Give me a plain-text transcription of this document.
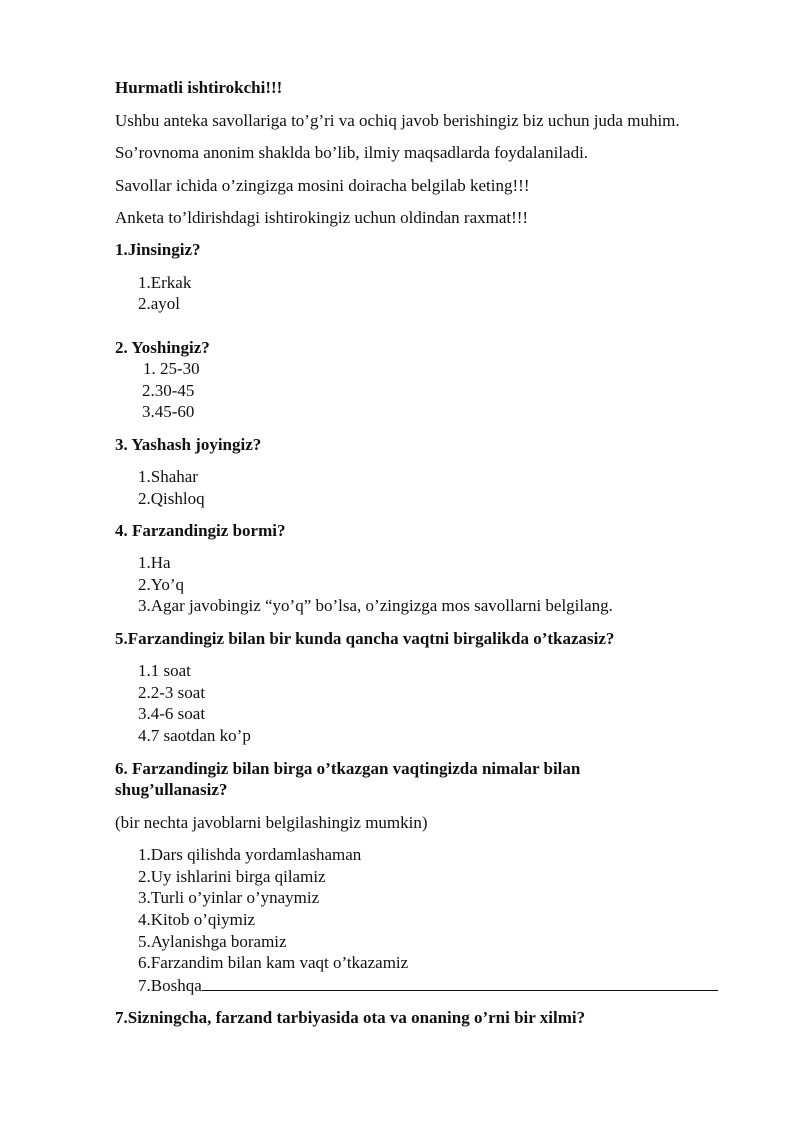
Hurmatli ishtirokchi!!!
Ushbu anteka savollariga to’g’ri va ochiq javob berishingiz biz uchun juda muhim.
So’rovnoma anonim shaklda bo’lib, ilmiy maqsadlarda foydalaniladi.
Savollar ichida o’zingizga mosini doiracha belgilab keting!!!
Anketa to’ldirishdagi ishtirokingiz uchun oldindan raxmat!!!
1.Jinsingiz?
1.Erkak
2.ayol
2. Yoshingiz?
1. 25-30
2.30-45
3.45-60
3. Yashash joyingiz?
1.Shahar
2.Qishloq
4. Farzandingiz bormi?
1.Ha
2.Yo’q
3.Agar javobingiz “yo’q” bo’lsa, o’zingizga mos savollarni belgilang.
5.Farzandingiz bilan bir kunda qancha vaqtni birgalikda o’tkazasiz?
1.1 soat
2.2-3 soat
3.4-6 soat
4.7 saotdan ko’p
6. Farzandingiz bilan birga o’tkazgan vaqtingizda nimalar bilan
shug’ullanasiz?
(bir nechta javoblarni belgilashingiz mumkin)
1.Dars qilishda yordamlashaman
2.Uy ishlarini birga qilamiz
3.Turli o’yinlar o’ynaymiz
4.Kitob o’qiymiz
5.Aylanishga boramiz
6.Farzandim bilan kam vaqt o’tkazamiz
7.Boshqa
7.Sizningcha, farzand tarbiyasida ota va onaning o’rni bir xilmi?
